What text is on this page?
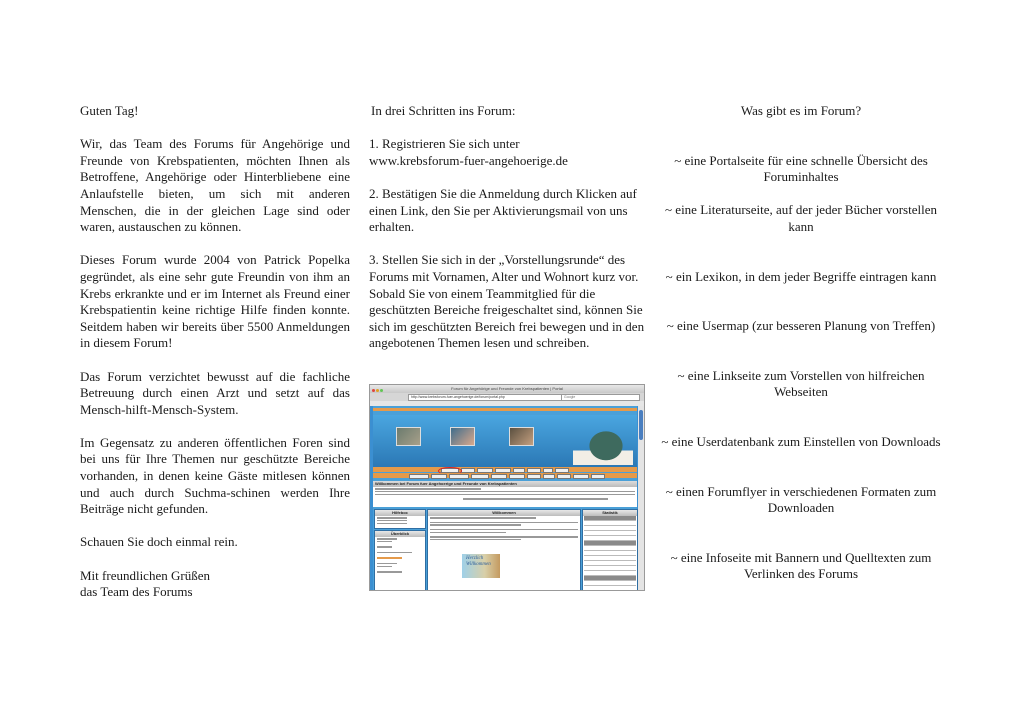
Guten Tag!

Wir, das Team des Forums für Angehörige und Freunde von Krebspatienten, möchten Ihnen als Betroffene, Angehörige oder Hinterbliebene eine Anlaufstelle bieten, um sich mit anderen Menschen, die in der gleichen Lage sind oder waren, austauschen zu können.

Dieses Forum wurde 2004 von Patrick Popelka gegründet, als eine sehr gute Freundin von ihm an Krebs erkrankte und er im Internet als Freund einer Krebspatientin keine richtige Hilfe finden konnte. Seitdem haben wir bereits über 5500 Anmeldungen in diesem Forum!

Das Forum verzichtet bewusst auf die fachliche Betreuung durch einen Arzt und setzt auf das Mensch-hilft-Mensch-System.

Im Gegensatz zu anderen öffentlichen Foren sind bei uns für Ihre Themen nur geschützte Bereiche vorhanden, in denen keine Gäste mitlesen können und auch durch Suchma-schinen werden Ihre Beiträge nicht gefunden.

Schauen Sie doch einmal rein.

Mit freundlichen Grüßen

das Team des Forums

In drei Schritten ins Forum:

1. Registrieren Sie sich unter

www.krebsforum-fuer-angehoerige.de

2. Bestätigen Sie die Anmeldung durch Klicken auf einen Link, den Sie per Aktivierungsmail von uns erhalten.

3. Stellen Sie sich in der „Vorstellungsrunde“ des Forums mit Vornamen, Alter und Wohnort kurz vor. Sobald Sie von einem Teammitglied für die geschützten Bereiche freigeschaltet sind, können Sie sich im geschützten Bereich frei bewegen und in den angebotenen Themen lesen und schreiben.

Forum für Angehörige und Freunde von Krebspatienten | Portal
http://www.krebsforum-fuer-angehoerige.de/forum/portal.php	Google
Willkommen bei Forum fuer Angehoerige und Freunde von Krebspatienten
Hilfeboc
Überblick
Willkommen
Herzlich Willkommen
Statistik

Was gibt es im Forum?

~ eine Portalseite für eine schnelle Übersicht des Foruminhaltes

~ eine Literaturseite, auf der jeder Bücher vorstellen kann

~ ein Lexikon, in dem jeder Begriffe eintragen kann

~ eine Usermap (zur besseren Planung von Treffen)

~ eine Linkseite zum Vorstellen von hilfreichen Webseiten

~ eine Userdatenbank zum Einstellen von Downloads

~ einen Forumflyer in verschiedenen Formaten zum Downloaden

~ eine Infoseite mit Bannern und Quelltexten zum Verlinken des Forums
